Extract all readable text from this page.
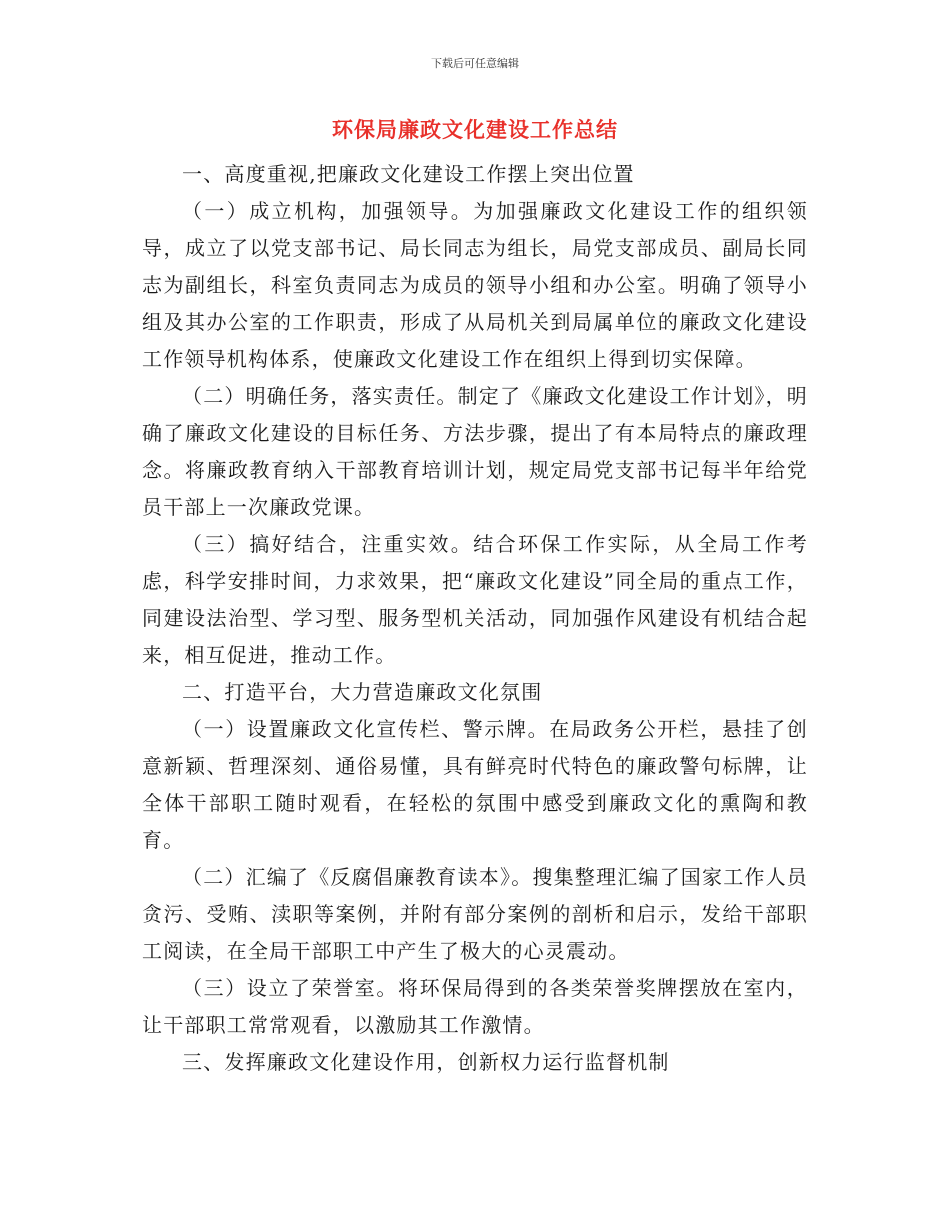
下载后可任意编辑
环保局廉政文化建设工作总结

一、高度重视,把廉政文化建设工作摆上突出位置

（一）成立机构，加强领导。为加强廉政文化建设工作的组织领导，成立了以党支部书记、局长同志为组长，局党支部成员、副局长同志为副组长，科室负责同志为成员的领导小组和办公室。明确了领导小组及其办公室的工作职责，形成了从局机关到局属单位的廉政文化建设工作领导机构体系，使廉政文化建设工作在组织上得到切实保障。

（二）明确任务，落实责任。制定了《廉政文化建设工作计划》，明确了廉政文化建设的目标任务、方法步骤，提出了有本局特点的廉政理念。将廉政教育纳入干部教育培训计划，规定局党支部书记每半年给党员干部上一次廉政党课。

（三）搞好结合，注重实效。结合环保工作实际，从全局工作考虑，科学安排时间，力求效果，把“廉政文化建设”同全局的重点工作，同建设法治型、学习型、服务型机关活动，同加强作风建设有机结合起来，相互促进，推动工作。

二、打造平台，大力营造廉政文化氛围

（一）设置廉政文化宣传栏、警示牌。在局政务公开栏，悬挂了创意新颖、哲理深刻、通俗易懂，具有鲜亮时代特色的廉政警句标牌，让全体干部职工随时观看，在轻松的氛围中感受到廉政文化的熏陶和教育。

（二）汇编了《反腐倡廉教育读本》。搜集整理汇编了国家工作人员贪污、受贿、渎职等案例，并附有部分案例的剖析和启示，发给干部职工阅读，在全局干部职工中产生了极大的心灵震动。

（三）设立了荣誉室。将环保局得到的各类荣誉奖牌摆放在室内，让干部职工常常观看，以激励其工作激情。

三、发挥廉政文化建设作用，创新权力运行监督机制
